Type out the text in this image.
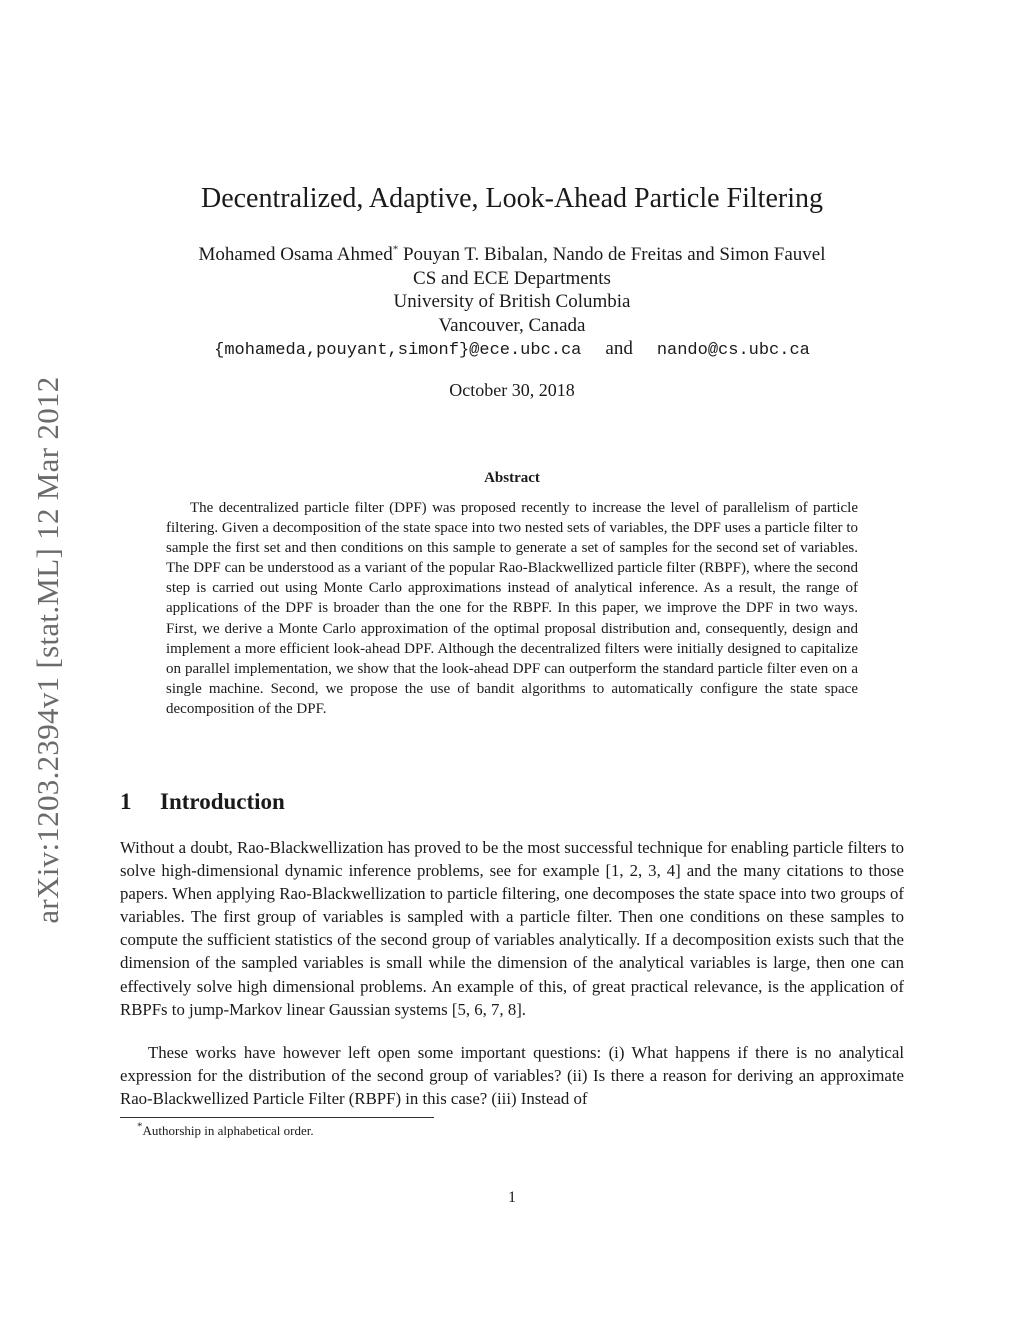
arXiv:1203.2394v1 [stat.ML] 12 Mar 2012
Decentralized, Adaptive, Look-Ahead Particle Filtering
Mohamed Osama Ahmed* Pouyan T. Bibalan, Nando de Freitas and Simon Fauvel
CS and ECE Departments
University of British Columbia
Vancouver, Canada
{mohameda,pouyant,simonf}@ece.ubc.ca and nando@cs.ubc.ca
October 30, 2018
Abstract

The decentralized particle filter (DPF) was proposed recently to increase the level of parallelism of particle filtering. Given a decomposition of the state space into two nested sets of variables, the DPF uses a particle filter to sample the first set and then conditions on this sample to generate a set of samples for the second set of variables. The DPF can be understood as a variant of the popular Rao-Blackwellized particle filter (RBPF), where the second step is carried out using Monte Carlo approximations instead of analytical inference. As a result, the range of applications of the DPF is broader than the one for the RBPF. In this paper, we improve the DPF in two ways. First, we derive a Monte Carlo approximation of the optimal proposal distribution and, consequently, design and implement a more efficient look-ahead DPF. Although the decentralized filters were initially designed to capitalize on parallel implementation, we show that the look-ahead DPF can outperform the standard particle filter even on a single machine. Second, we propose the use of bandit algorithms to automatically configure the state space decomposition of the DPF.

1 Introduction

Without a doubt, Rao-Blackwellization has proved to be the most successful technique for enabling particle filters to solve high-dimensional dynamic inference problems, see for example [1, 2, 3, 4] and the many citations to those papers. When applying Rao-Blackwellization to particle filtering, one decomposes the state space into two groups of variables. The first group of variables is sampled with a particle filter. Then one conditions on these samples to compute the sufficient statistics of the second group of variables analytically. If a decomposition exists such that the dimension of the sampled variables is small while the dimension of the analytical variables is large, then one can effectively solve high dimensional problems. An example of this, of great practical relevance, is the application of RBPFs to jump-Markov linear Gaussian systems [5, 6, 7, 8].

These works have however left open some important questions: (i) What happens if there is no analytical expression for the distribution of the second group of variables? (ii) Is there a reason for deriving an approximate Rao-Blackwellized Particle Filter (RBPF) in this case? (iii) Instead of

*Authorship in alphabetical order.
1
